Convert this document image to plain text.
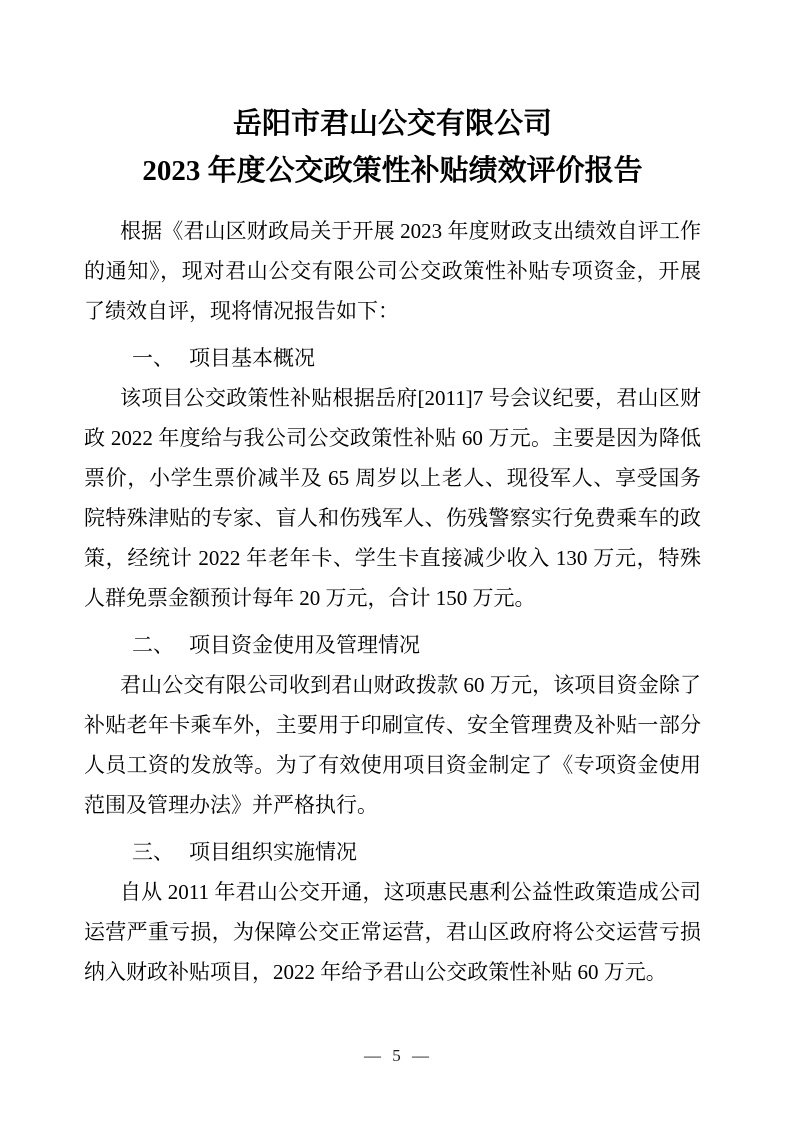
岳阳市君山公交有限公司
2023 年度公交政策性补贴绩效评价报告

根据《君山区财政局关于开展 2023 年度财政支出绩效自评工作的通知》，现对君山公交有限公司公交政策性补贴专项资金，开展了绩效自评，现将情况报告如下：

一、 项目基本概况

该项目公交政策性补贴根据岳府[2011]7 号会议纪要，君山区财政 2022 年度给与我公司公交政策性补贴 60 万元。主要是因为降低票价，小学生票价减半及 65 周岁以上老人、现役军人、享受国务院特殊津贴的专家、盲人和伤残军人、伤残警察实行免费乘车的政策，经统计 2022 年老年卡、学生卡直接减少收入 130 万元，特殊人群免票金额预计每年 20 万元，合计 150 万元。

二、 项目资金使用及管理情况

君山公交有限公司收到君山财政拨款 60 万元，该项目资金除了补贴老年卡乘车外，主要用于印刷宣传、安全管理费及补贴一部分人员工资的发放等。为了有效使用项目资金制定了《专项资金使用范围及管理办法》并严格执行。

三、 项目组织实施情况

自从 2011 年君山公交开通，这项惠民惠利公益性政策造成公司运营严重亏损，为保障公交正常运营，君山区政府将公交运营亏损纳入财政补贴项目，2022 年给予君山公交政策性补贴 60 万元。

— 5 —
